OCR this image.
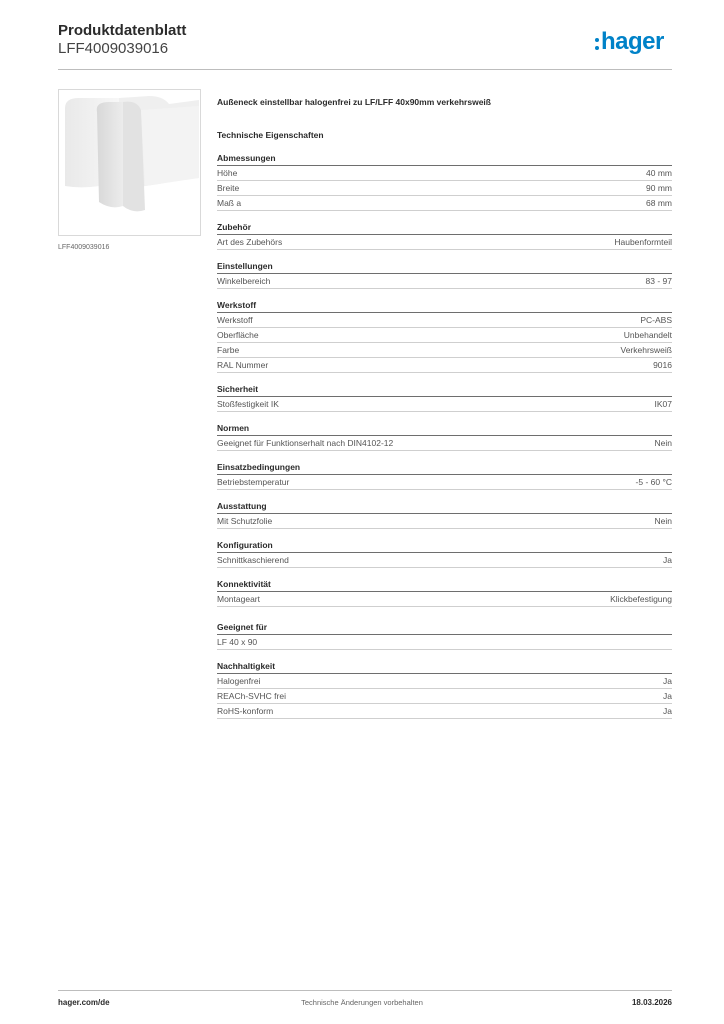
Produktdatenblatt
LFF4009039016	hager
LFF4009039016
Außeneck einstellbar halogenfrei zu LF/LFF 40x90mm verkehrsweiß
Technische Eigenschaften
Abmessungen
Höhe	40 mm
Breite	90 mm
Maß a	68 mm
Zubehör
Art des Zubehörs	Haubenformteil
Einstellungen
Winkelbereich	83 - 97
Werkstoff
Werkstoff	PC-ABS
Oberfläche	Unbehandelt
Farbe	Verkehrsweiß
RAL Nummer	9016
Sicherheit
Stoßfestigkeit IK	IK07
Normen
Geeignet für Funktionserhalt nach DIN4102-12	Nein
Einsatzbedingungen
Betriebstemperatur	-5 - 60 °C
Ausstattung
Mit Schutzfolie	Nein
Konfiguration
Schnittkaschierend	Ja
Konnektivität
Montageart	Klickbefestigung
Geeignet für
LF 40 x 90
Nachhaltigkeit
Halogenfrei	Ja
REACh-SVHC frei	Ja
RoHS-konform	Ja
hager.com/de	Technische Änderungen vorbehalten	18.03.2026
